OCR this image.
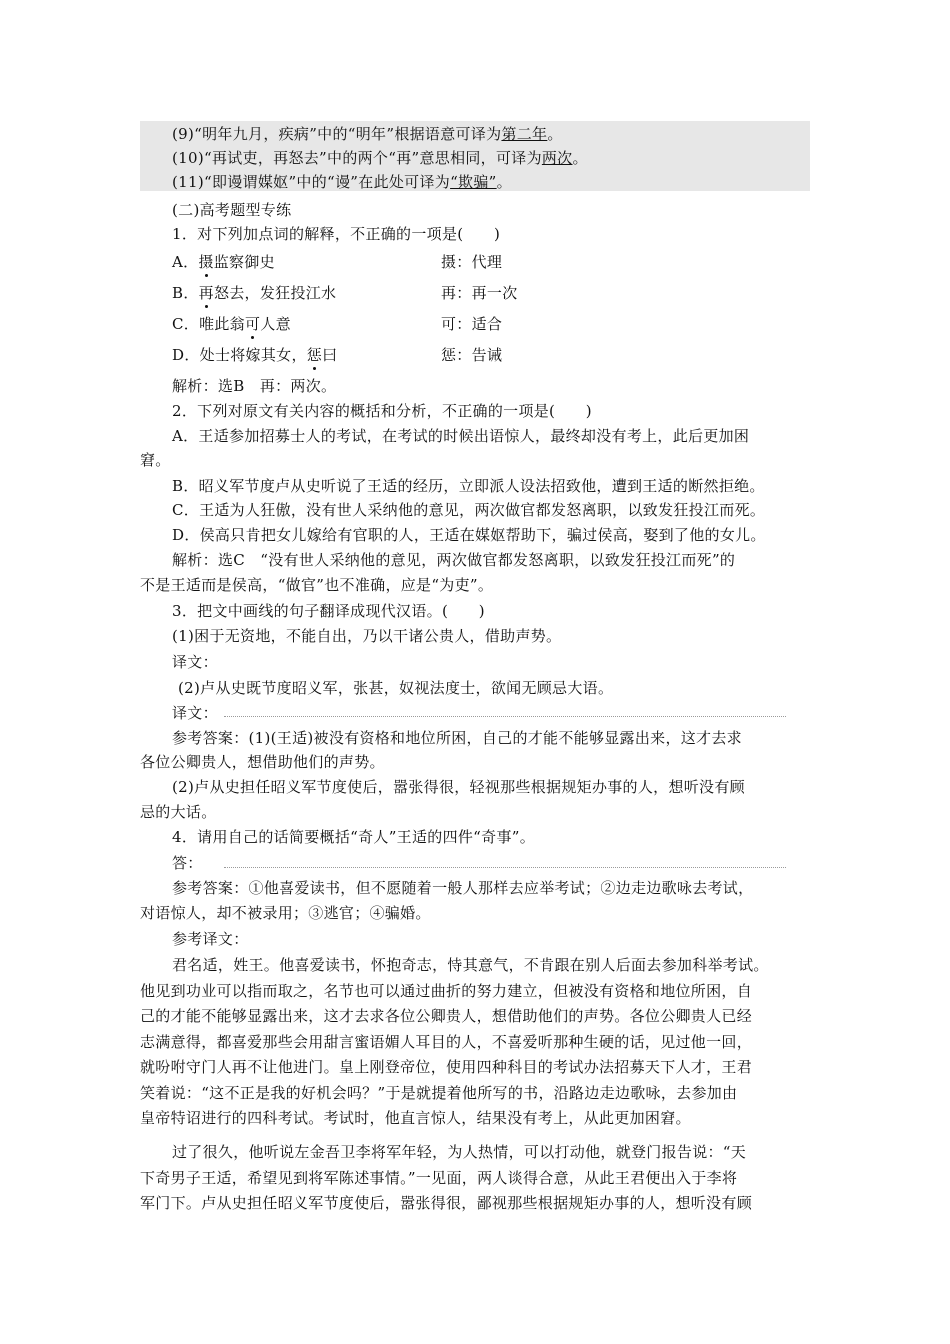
(9)“明年九月，疾病”中的“明年”根据语意可译为第二年。
(10)“再试吏，再怒去”中的两个“再”意思相同，可译为两次。
(11)“即谩谓媒妪”中的“谩”在此处可译为“欺骗”。
(二)高考题型专练
1．对下列加点词的解释，不正确的一项是(　　)
A．摄监察御史	摄：代理
B．再怒去，发狂投江水	再：再一次
C．唯此翁可人意	可：适合
D．处士将嫁其女，惩曰	惩：告诫
解析：选B　再：两次。
2．下列对原文有关内容的概括和分析，不正确的一项是(　　)
A．王适参加招募士人的考试，在考试的时候出语惊人，最终却没有考上，此后更加困
窘。
B．昭义军节度卢从史听说了王适的经历，立即派人设法招致他，遭到王适的断然拒绝。
C．王适为人狂傲，没有世人采纳他的意见，两次做官都发怒离职，以致发狂投江而死。
D．侯高只肯把女儿嫁给有官职的人，王适在媒妪帮助下，骗过侯高，娶到了他的女儿。
解析：选C　“没有世人采纳他的意见，两次做官都发怒离职，以致发狂投江而死”的
不是王适而是侯高，“做官”也不准确，应是“为吏”。
3．把文中画线的句子翻译成现代汉语。(　　)
(1)困于无资地，不能自出，乃以干诸公贵人，借助声势。
译文：
(2)卢从史既节度昭义军，张甚，奴视法度士，欲闻无顾忌大语。
译文：
参考答案：(1)(王适)被没有资格和地位所困，自己的才能不能够显露出来，这才去求
各位公卿贵人，想借助他们的声势。
(2)卢从史担任昭义军节度使后，嚣张得很，轻视那些根据规矩办事的人，想听没有顾
忌的大话。
4．请用自己的话简要概括“奇人”王适的四件“奇事”。
答：
参考答案：①他喜爱读书，但不愿随着一般人那样去应举考试；②边走边歌咏去考试，
对语惊人，却不被录用；③逃官；④骗婚。
参考译文：
君名适，姓王。他喜爱读书，怀抱奇志，恃其意气，不肯跟在别人后面去参加科举考试。
他见到功业可以指而取之，名节也可以通过曲折的努力建立，但被没有资格和地位所困，自
己的才能不能够显露出来，这才去求各位公卿贵人，想借助他们的声势。各位公卿贵人已经
志满意得，都喜爱那些会用甜言蜜语媚人耳目的人，不喜爱听那种生硬的话，见过他一回，
就吩咐守门人再不让他进门。皇上刚登帝位，使用四种科目的考试办法招募天下人才，王君
笑着说：“这不正是我的好机会吗？”于是就提着他所写的书，沿路边走边歌咏，去参加由
皇帝特诏进行的四科考试。考试时，他直言惊人，结果没有考上，从此更加困窘。
过了很久，他听说左金吾卫李将军年轻，为人热情，可以打动他，就登门报告说：“天
下奇男子王适，希望见到将军陈述事情。”一见面，两人谈得合意，从此王君便出入于李将
军门下。卢从史担任昭义军节度使后，嚣张得很，鄙视那些根据规矩办事的人，想听没有顾
